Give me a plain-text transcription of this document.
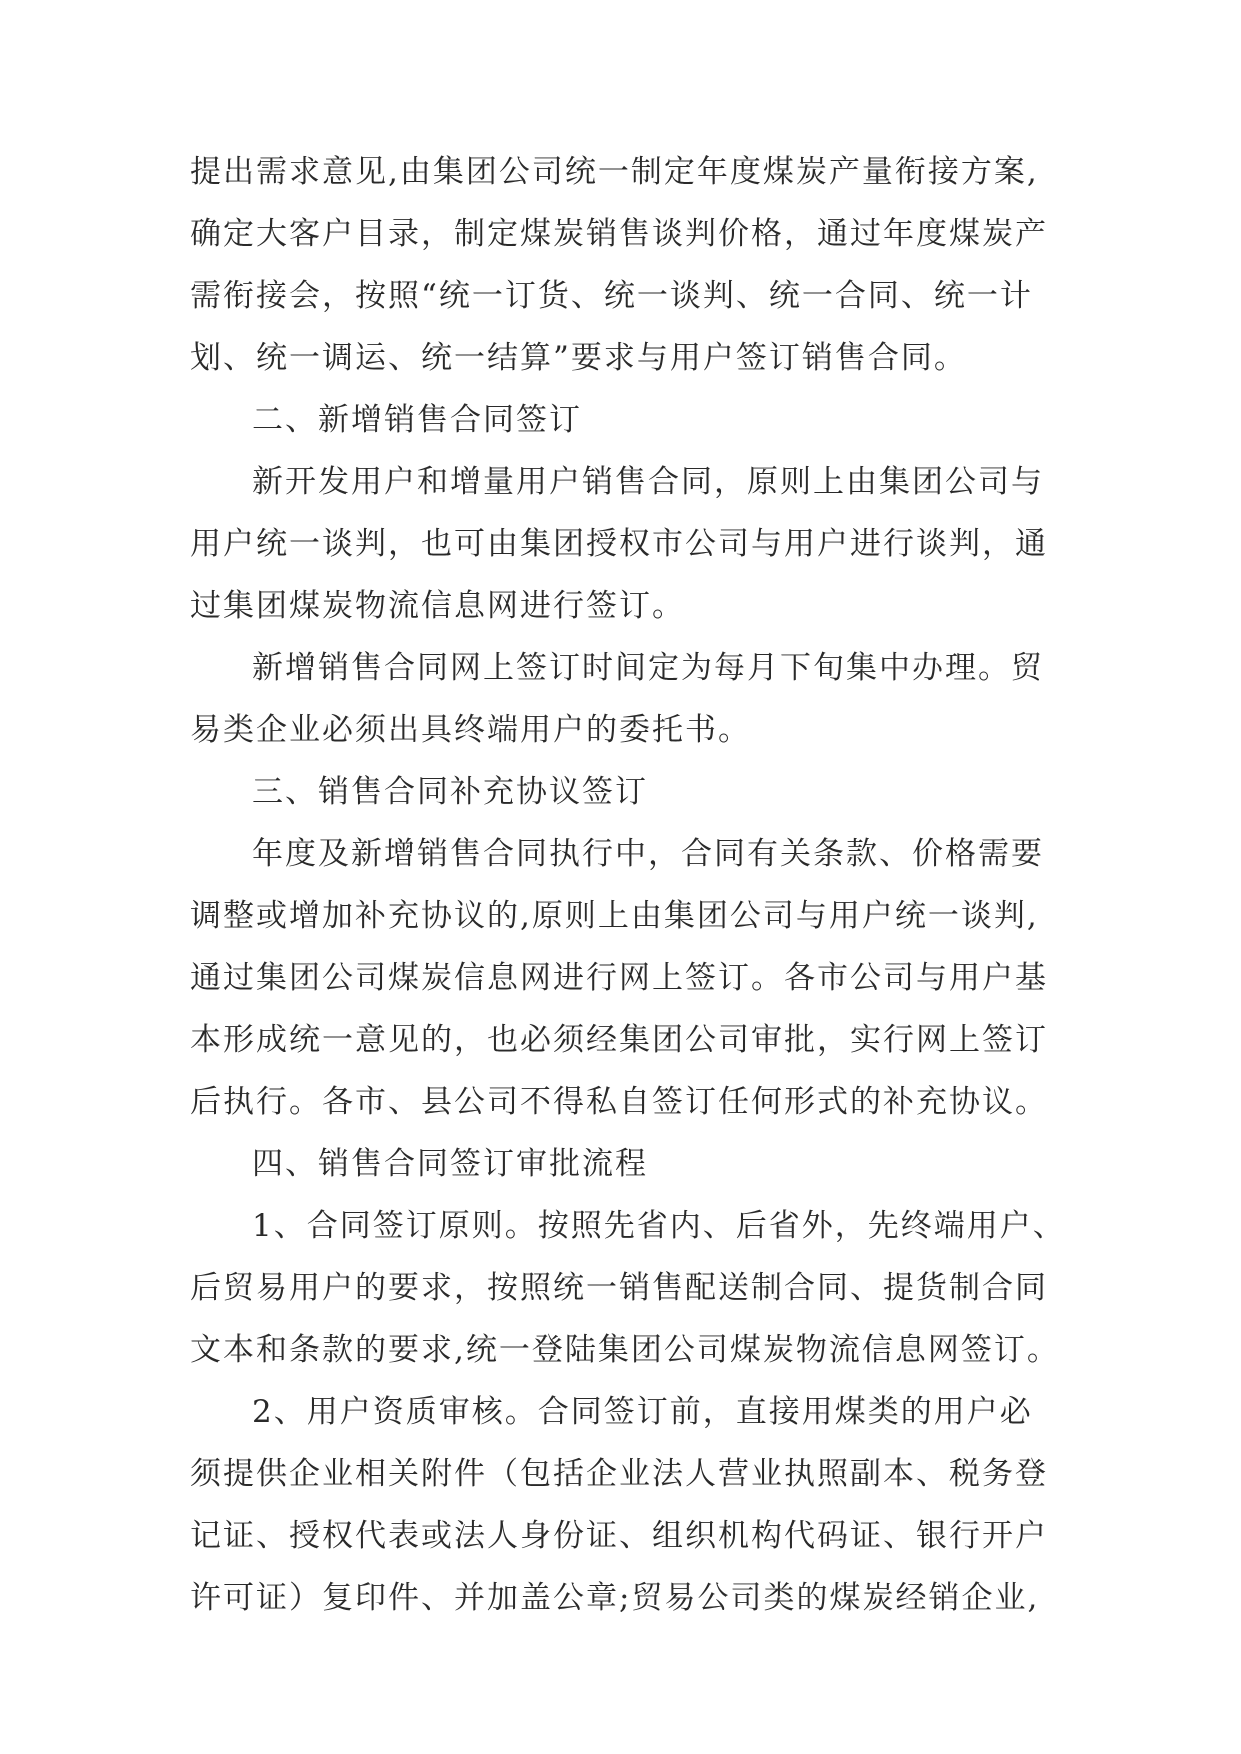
提出需求意见,由集团公司统一制定年度煤炭产量衔接方案,

确定大客户目录，制定煤炭销售谈判价格，通过年度煤炭产

需衔接会，按照“统一订货、统一谈判、统一合同、统一计

划、统一调运、统一结算”要求与用户签订销售合同。

二、新增销售合同签订

新开发用户和增量用户销售合同，原则上由集团公司与

用户统一谈判，也可由集团授权市公司与用户进行谈判，通

过集团煤炭物流信息网进行签订。

新增销售合同网上签订时间定为每月下旬集中办理。贸

易类企业必须出具终端用户的委托书。

三、销售合同补充协议签订

年度及新增销售合同执行中，合同有关条款、价格需要

调整或增加补充协议的,原则上由集团公司与用户统一谈判,

通过集团公司煤炭信息网进行网上签订。各市公司与用户基

本形成统一意见的，也必须经集团公司审批，实行网上签订

后执行。各市、县公司不得私自签订任何形式的补充协议。

四、销售合同签订审批流程

1、合同签订原则。按照先省内、后省外，先终端用户、

后贸易用户的要求，按照统一销售配送制合同、提货制合同

文本和条款的要求,统一登陆集团公司煤炭物流信息网签订。

2、用户资质审核。合同签订前，直接用煤类的用户必

须提供企业相关附件（包括企业法人营业执照副本、税务登

记证、授权代表或法人身份证、组织机构代码证、银行开户

许可证）复印件、并加盖公章;贸易公司类的煤炭经销企业,
